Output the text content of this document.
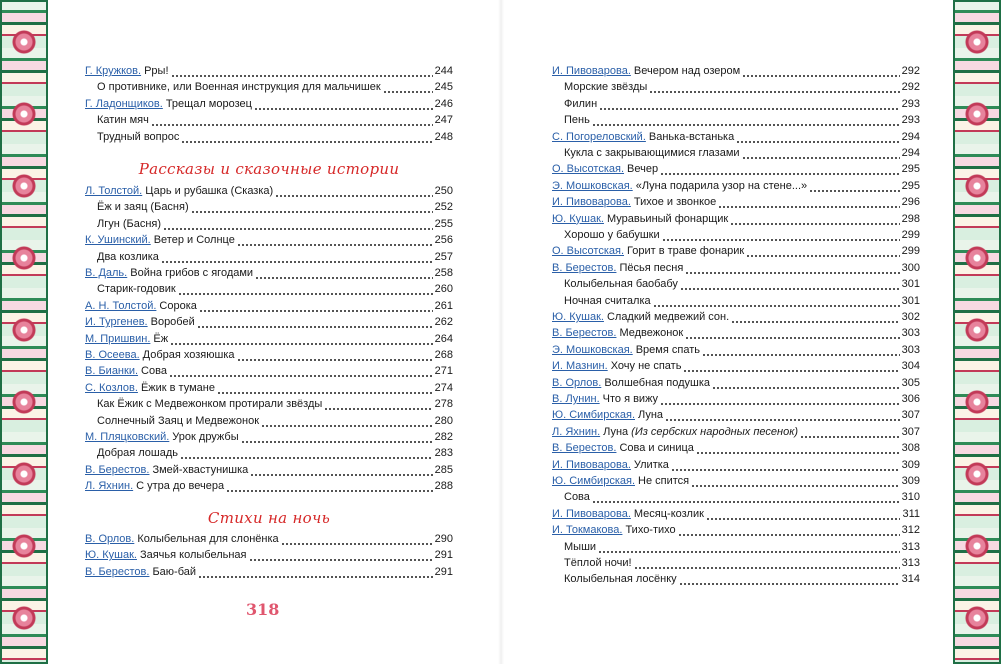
Рассказы и сказочные истории
Стихи на ночь
Г. Кружков. Рры!	244
О противнике, или Военная инструкция для мальчишек	245
Г. Ладонщиков. Трещал морозец	246
Катин мяч	247
Трудный вопрос	248
Л. Толстой. Царь и рубашка (Сказка)	250
Ёж и заяц (Басня)	252
Лгун (Басня)	255
К. Ушинский. Ветер и Солнце	256
Два козлика	257
В. Даль. Война грибов с ягодами	258
Старик-годовик	260
А. Н. Толстой. Сорока	261
И. Тургенев. Воробей	262
М. Пришвин. Ёж	264
В. Осеева. Добрая хозяюшка	268
В. Бианки. Сова	271
С. Козлов. Ёжик в тумане	274
Как Ёжик с Медвежонком протирали звёзды	278
Солнечный Заяц и Медвежонок	280
М. Пляцковский. Урок дружбы	282
Добрая лошадь	283
В. Берестов. Змей-хвастунишка	285
Л. Яхнин. С утра до вечера	288
В. Орлов. Колыбельная для слонёнка	290
Ю. Кушак. Заячья колыбельная	291
В. Берестов. Баю-бай	291
318
И. Пивоварова. Вечером над озером	292
Морские звёзды	292
Филин	293
Пень	293
С. Погореловский. Ванька-встанька	294
Кукла с закрывающимися глазами	294
О. Высотская. Вечер	295
Э. Мошковская. «Луна подарила узор на стене...»	295
И. Пивоварова. Тихое и звонкое	296
Ю. Кушак. Муравьиный фонарщик	298
Хорошо у бабушки	299
О. Высотская. Горит в траве фонарик	299
В. Берестов. Пёсья песня	300
Колыбельная баобабу	301
Ночная считалка	301
Ю. Кушак. Сладкий медвежий сон.	302
В. Берестов. Медвежонок	303
Э. Мошковская. Время спать	303
И. Мазнин. Хочу не спать	304
В. Орлов. Волшебная подушка	305
В. Лунин. Что я вижу	306
Ю. Симбирская. Луна	307
Л. Яхнин. Луна (Из сербских народных песенок)	307
В. Берестов. Сова и синица	308
И. Пивоварова. Улитка	309
Ю. Симбирская. Не спится	309
Сова	310
И. Пивоварова. Месяц-козлик	311
И. Токмакова. Тихо-тихо	312
Мыши	313
Тёплой ночи!	313
Колыбельная лосёнку	314
